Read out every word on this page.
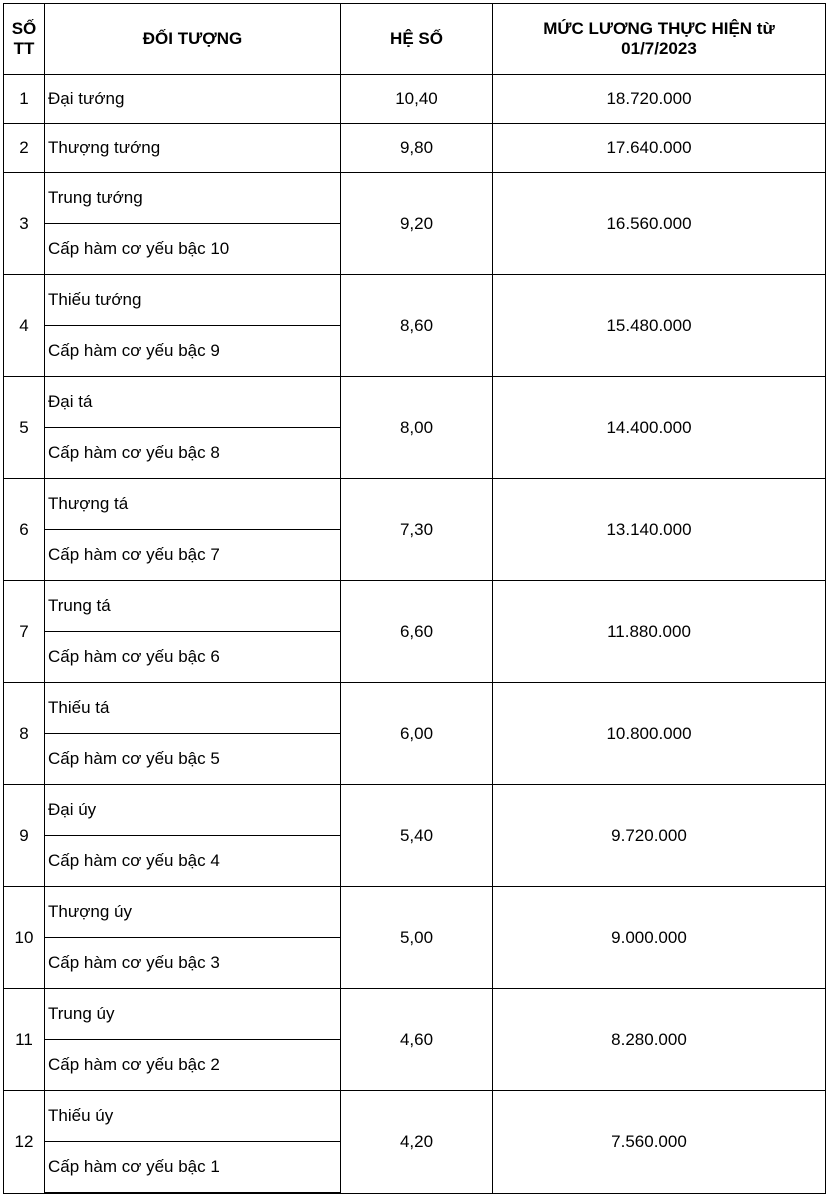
SỐ
TT	ĐỐI TƯỢNG	HỆ SỐ	MỨC LƯƠNG THỰC HIỆN từ
01/7/2023
1	Đại tướng	10,40	18.720.000
2	Thượng tướng	9,80	17.640.000
3	Trung tướng	9,20	16.560.000
	Cấp hàm cơ yếu bậc 10		
4	Thiếu tướng	8,60	15.480.000
	Cấp hàm cơ yếu bậc 9		
5	Đại tá	8,00	14.400.000
	Cấp hàm cơ yếu bậc 8		
6	Thượng tá	7,30	13.140.000
	Cấp hàm cơ yếu bậc 7		
7	Trung tá	6,60	11.880.000
	Cấp hàm cơ yếu bậc 6		
8	Thiếu tá	6,00	10.800.000
	Cấp hàm cơ yếu bậc 5		
9	Đại úy	5,40	9.720.000
	Cấp hàm cơ yếu bậc 4		
10	Thượng úy	5,00	9.000.000
	Cấp hàm cơ yếu bậc 3		
11	Trung úy	4,60	8.280.000
	Cấp hàm cơ yếu bậc 2		
12	Thiếu úy	4,20	7.560.000
	Cấp hàm cơ yếu bậc 1		
